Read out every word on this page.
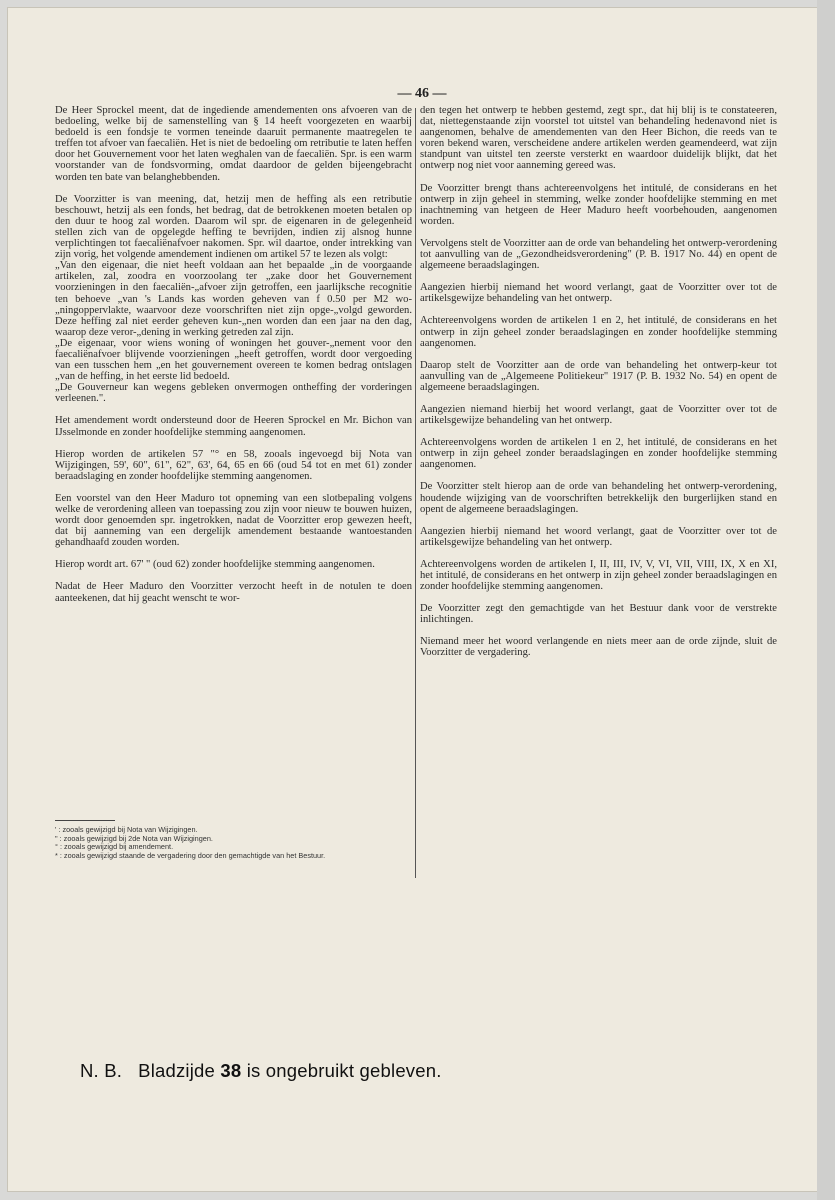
— 46 —

De Heer Sprockel meent, dat de ingediende amendementen ons afvoeren van de bedoeling, welke bij de samenstelling van § 14 heeft voorgezeten en waarbij bedoeld is een fondsje te vormen teneinde daaruit permanente maatregelen te treffen tot afvoer van faecaliën. Het is niet de bedoeling om retributie te laten heffen door het Gouvernement voor het laten weghalen van de faecaliën. Spr. is een warm voorstander van de fondsvorming, omdat daardoor de gelden bijeengebracht worden ten bate van belanghebbenden.

De Voorzitter is van meening, dat, hetzij men de heffing als een retributie beschouwt, hetzij als een fonds, het bedrag, dat de betrokkenen moeten betalen op den duur te hoog zal worden. Daarom wil spr. de eigenaren in de gelegenheid stellen zich van de opgelegde heffing te bevrijden, indien zij alsnog hunne verplichtingen tot faecaliënafvoer nakomen. Spr. wil daartoe, onder intrekking van zijn vorig, het volgende amendement indienen om artikel 57 te lezen als volgt:

„Van den eigenaar, die niet heeft voldaan aan het bepaalde „in de voorgaande artikelen, zal, zoodra en voorzoolang ter „zake door het Gouvernement voorzieningen in den faecaliën-„afvoer zijn getroffen, een jaarlijksche recognitie ten behoeve „van 's Lands kas worden geheven van f 0.50 per M2 wo-„ningoppervlakte, waarvoor deze voorschriften niet zijn opge-„volgd geworden. Deze heffing zal niet eerder geheven kun-„nen worden dan een jaar na den dag, waarop deze veror-„dening in werking getreden zal zijn.

„De eigenaar, voor wiens woning of woningen het gouver-„nement voor den faecaliënafvoer blijvende voorzieningen „heeft getroffen, wordt door vergoeding van een tusschen hem „en het gouvernement overeen te komen bedrag ontslagen „van de heffing, in het eerste lid bedoeld.

„De Gouverneur kan wegens gebleken onvermogen ontheffing der vorderingen verleenen.".

Het amendement wordt ondersteund door de Heeren Sprockel en Mr. Bichon van IJsselmonde en zonder hoofdelijke stemming aangenomen.

Hierop worden de artikelen 57 "° en 58, zooals ingevoegd bij Nota van Wijzigingen, 59', 60", 61", 62", 63', 64, 65 en 66 (oud 54 tot en met 61) zonder beraadslaging en zonder hoofdelijke stemming aangenomen.

Een voorstel van den Heer Maduro tot opneming van een slotbepaling volgens welke de verordening alleen van toepassing zou zijn voor nieuw te bouwen huizen, wordt door genoemden spr. ingetrokken, nadat de Voorzitter erop gewezen heeft, dat bij aanneming van een dergelijk amendement bestaande wantoestanden gehandhaafd zouden worden.

Hierop wordt art. 67' " (oud 62) zonder hoofdelijke stemming aangenomen.

Nadat de Heer Maduro den Voorzitter verzocht heeft in de notulen te doen aanteekenen, dat hij geacht wenscht te wor-

den tegen het ontwerp te hebben gestemd, zegt spr., dat hij blij is te constateeren, dat, niettegenstaande zijn voorstel tot uitstel van behandeling hedenavond niet is aangenomen, behalve de amendementen van den Heer Bichon, die reeds van te voren bekend waren, verscheidene andere artikelen werden geamendeerd, wat zijn standpunt van uitstel ten zeerste versterkt en waardoor duidelijk blijkt, dat het ontwerp nog niet voor aanneming gereed was.

De Voorzitter brengt thans achtereenvolgens het intitulé, de considerans en het ontwerp in zijn geheel in stemming, welke zonder hoofdelijke stemming en met inachtneming van hetgeen de Heer Maduro heeft voorbehouden, aangenomen worden.

Vervolgens stelt de Voorzitter aan de orde van behandeling het ontwerp-verordening tot aanvulling van de „Gezondheidsverordening" (P. B. 1917 No. 44) en opent de algemeene beraadslagingen.

Aangezien hierbij niemand het woord verlangt, gaat de Voorzitter over tot de artikelsgewijze behandeling van het ontwerp.

Achtereenvolgens worden de artikelen 1 en 2, het intitulé, de considerans en het ontwerp in zijn geheel zonder beraadslagingen en zonder hoofdelijke stemming aangenomen.

Daarop stelt de Voorzitter aan de orde van behandeling het ontwerp-keur tot aanvulling van de „Algemeene Politiekeur" 1917 (P. B. 1932 No. 54) en opent de algemeene beraadslagingen.

Aangezien niemand hierbij het woord verlangt, gaat de Voorzitter over tot de artikelsgewijze behandeling van het ontwerp.

Achtereenvolgens worden de artikelen 1 en 2, het intitulé, de considerans en het ontwerp in zijn geheel zonder beraadslagingen en zonder hoofdelijke stemming aangenomen.

De Voorzitter stelt hierop aan de orde van behandeling het ontwerp-verordening, houdende wijziging van de voorschriften betrekkelijk den burgerlijken stand en opent de algemeene beraadslagingen.

Aangezien hierbij niemand het woord verlangt, gaat de Voorzitter over tot de artikelsgewijze behandeling van het ontwerp.

Achtereenvolgens worden de artikelen I, II, III, IV, V, VI, VII, VIII, IX, X en XI, het intitulé, de considerans en het ontwerp in zijn geheel zonder beraadslagingen en zonder hoofdelijke stemming aangenomen.

De Voorzitter zegt den gemachtigde van het Bestuur dank voor de verstrekte inlichtingen.

Niemand meer het woord verlangende en niets meer aan de orde zijnde, sluit de Voorzitter de vergadering.

' : zooals gewijzigd bij Nota van Wijzigingen.
" : zooals gewijzigd bij 2de Nota van Wijzigingen.
° : zooals gewijzigd bij amendement.
* : zooals gewijzigd staande de vergadering door den gemachtigde van het Bestuur.
N. B. Bladzijde 38 is ongebruikt gebleven.
